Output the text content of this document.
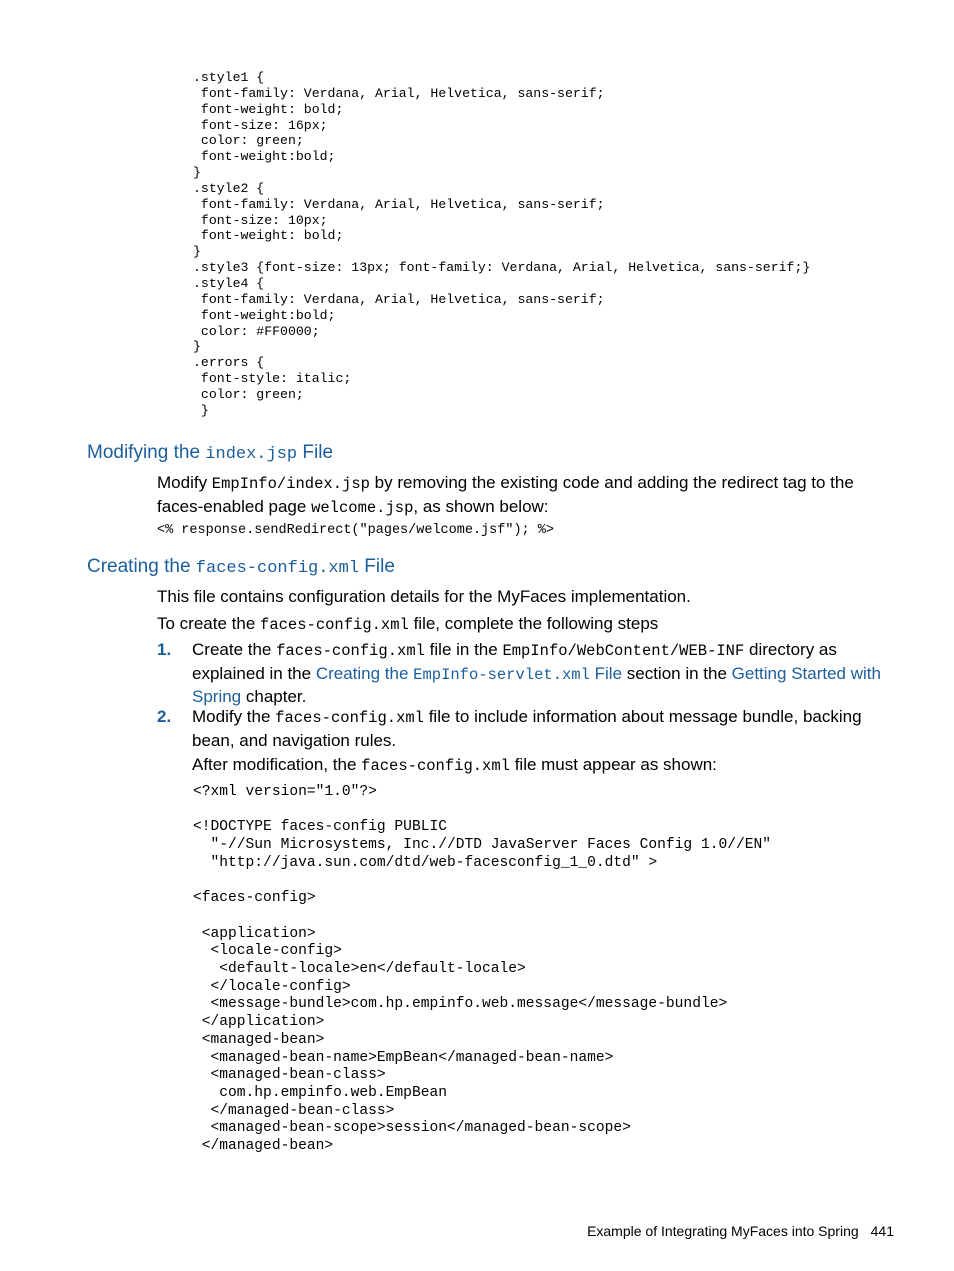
.style1 {
font-family: Verdana, Arial, Helvetica, sans-serif;
font-weight: bold;
font-size: 16px;
color: green;
font-weight:bold;
}
.style2 {
font-family: Verdana, Arial, Helvetica, sans-serif;
font-size: 10px;
font-weight: bold;
}
.style3 {font-size: 13px; font-family: Verdana, Arial, Helvetica, sans-serif;}
.style4 {
font-family: Verdana, Arial, Helvetica, sans-serif;
font-weight:bold;
color: #FF0000;
}
.errors {
font-style: italic;
color: green;
}
Modifying the index.jsp File

Modify EmpInfo/index.jsp by removing the existing code and adding the redirect tag to the faces-enabled page welcome.jsp, as shown below:

<% response.sendRedirect("pages/welcome.jsf"); %>
Creating the faces-config.xml File

This file contains configuration details for the MyFaces implementation.

To create the faces-config.xml file, complete the following steps

1. Create the faces-config.xml file in the EmpInfo/WebContent/WEB-INF directory as explained in the Creating the EmpInfo-servlet.xml File section in the Getting Started with Spring chapter.
2. Modify the faces-config.xml file to include information about message bundle, backing bean, and navigation rules.

After modification, the faces-config.xml file must appear as shown:

<?xml version="1.0"?>

<!DOCTYPE faces-config PUBLIC
"-//Sun Microsystems, Inc.//DTD JavaServer Faces Config 1.0//EN"
"http://java.sun.com/dtd/web-facesconfig_1_0.dtd" >

<faces-config>

<application>
<locale-config>
<default-locale>en</default-locale>
</locale-config>
<message-bundle>com.hp.empinfo.web.message</message-bundle>
</application>
<managed-bean>
<managed-bean-name>EmpBean</managed-bean-name>
<managed-bean-class>
com.hp.empinfo.web.EmpBean
</managed-bean-class>
<managed-bean-scope>session</managed-bean-scope>
</managed-bean>
Example of Integrating MyFaces into Spring 441
